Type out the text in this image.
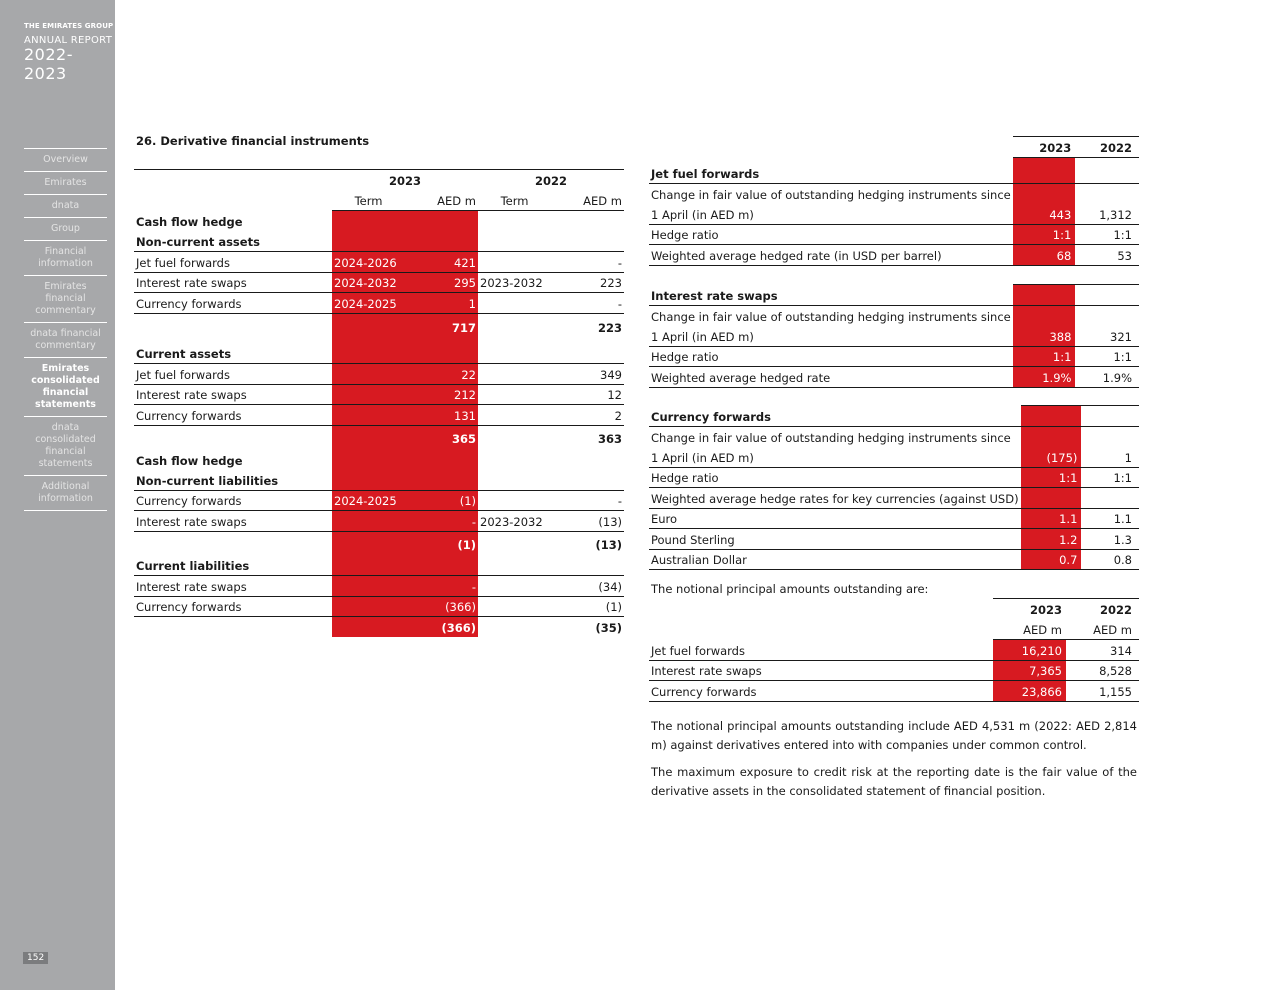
THE EMIRATES GROUP
ANNUAL REPORT
2022-2023
Overview
Emirates
dnata
Group
Financial information
Emirates financial commentary
dnata financial commentary
Emirates consolidated financial statements
dnata consolidated financial statements
Additional information
152
26. Derivative financial instruments
	2023		2022	
	Term	AED m	Term	AED m
Cash flow hedge				
Non-current assets				
Jet fuel forwards	2024-2026	421		-
Interest rate swaps	2024-2032	295	2023-2032	223
Currency forwards	2024-2025	1		-
		717		223
Current assets				
Jet fuel forwards		22		349
Interest rate swaps		212		12
Currency forwards		131		2
		365		363
Cash flow hedge				
Non-current liabilities				
Currency forwards	2024-2025	(1)		-
Interest rate swaps		-	2023-2032	(13)
		(1)		(13)
Current liabilities				
Interest rate swaps		-		(34)
Currency forwards		(366)		(1)
		(366)		(35)
	2023	2022
Jet fuel forwards		
Change in fair value of outstanding hedging instruments since		
1 April (in AED m)	443	1,312
Hedge ratio	1:1	1:1
Weighted average hedged rate (in USD per barrel)	68	53
Interest rate swaps		
Change in fair value of outstanding hedging instruments since		
1 April (in AED m)	388	321
Hedge ratio	1:1	1:1
Weighted average hedged rate	1.9%	1.9%
Currency forwards		
Change in fair value of outstanding hedging instruments since		
1 April (in AED m)	(175)	1
Hedge ratio	1:1	1:1
Weighted average hedge rates for key currencies (against USD)		
Euro	1.1	1.1
Pound Sterling	1.2	1.3
Australian Dollar	0.7	0.8
The notional principal amounts outstanding are:
	2023	2022
	AED m	AED m
Jet fuel forwards	16,210	314
Interest rate swaps	7,365	8,528
Currency forwards	23,866	1,155

The notional principal amounts outstanding include AED 4,531 m (2022: AED 2,814 m) against derivatives entered into with companies under common control.

The maximum exposure to credit risk at the reporting date is the fair value of the derivative assets in the consolidated statement of financial position.
